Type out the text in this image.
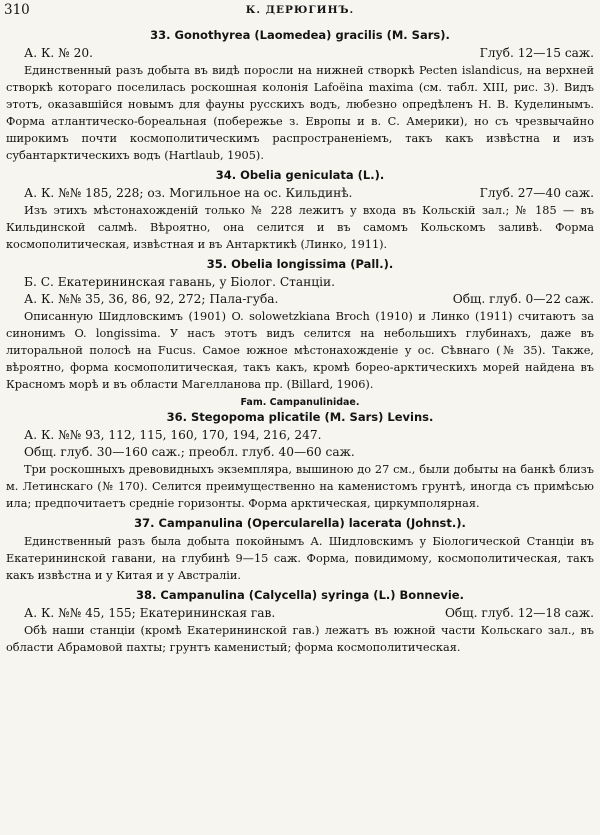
310	К. ДЕРЮГИНЪ.
33. Gonothyrea (Laomedea) gracilis (M. Sars).
А. К. № 20.	Глуб. 12—15 саж.

Единственный разъ добыта въ видѣ поросли на нижней створкѣ Pecten islandicus, на верхней створкѣ котораго поселилась роскошная колонія Lafoëina maxima (см. табл. XIII, рис. 3). Видъ этотъ, оказавшійся новымъ для фауны русскихъ водъ, любезно опредѣленъ Н. В. Куделинымъ. Форма атлантическо-бореальная (побережье з. Европы и в. С. Америки), но съ чрезвычайно широкимъ почти космополитическимъ распространеніемъ, такъ какъ извѣстна и изъ субантарктическихъ водъ (Hartlaub, 1905).

34. Obelia geniculata (L.).
А. К. №№ 185, 228; оз. Могильное на ос. Кильдинѣ.	Глуб. 27—40 саж.

Изъ этихъ мѣстонахожденій только № 228 лежитъ у входа въ Кольскій зал.; № 185 — въ Кильдинской салмѣ. Вѣроятно, она селится и въ самомъ Кольскомъ заливѣ. Форма космополитическая, извѣстная и въ Антарктикѣ (Линко, 1911).

35. Obelia longissima (Pall.).
Б. С. Екатерининская гавань, у Біолог. Станціи.
А. К. №№ 35, 36, 86, 92, 272; Пала-губа.	Общ. глуб. 0—22 саж.

Описанную Шидловскимъ (1901) O. solowetzkiana Broch (1910) и Линко (1911) считаютъ за синонимъ O. longissima. У насъ этотъ видъ селится на небольшихъ глубинахъ, даже въ литоральной полосѣ на Fucus. Самое южное мѣстонахожденіе у ос. Сѣвнаго (№ 35). Также, вѣроятно, форма космополитическая, такъ какъ, кромѣ борео-арктическихъ морей найдена въ Красномъ морѣ и въ области Магелланова пр. (Billard, 1906).

Fam. Campanulinidae.
36. Stegopoma plicatile (M. Sars) Levins.
А. К. №№ 93, 112, 115, 160, 170, 194, 216, 247.
Общ. глуб. 30—160 саж.; преобл. глуб. 40—60 саж.

Три роскошныхъ древовидныхъ экземпляра, вышиною до 27 см., были добыты на банкѣ близъ м. Летинскаго (№ 170). Селится преимущественно на каменистомъ грунтѣ, иногда съ примѣсью ила; предпочитаетъ средніе горизонты. Форма арктическая, циркумполярная.

37. Campanulina (Opercularella) lacerata (Johnst.).

Единственный разъ была добыта покойнымъ А. Шидловскимъ у Біологической Станціи въ Екатерининской гавани, на глубинѣ 9—15 саж. Форма, повидимому, космополитическая, такъ какъ извѣстна и у Китая и у Австраліи.

38. Campanulina (Calycella) syringa (L.) Bonnevie.
А. К. №№ 45, 155; Екатерининская гав.	Общ. глуб. 12—18 саж.

Обѣ наши станціи (кромѣ Екатерининской гав.) лежатъ въ южной части Кольскаго зал., въ области Абрамовой пахты; грунтъ каменистый; форма космополитическая.
